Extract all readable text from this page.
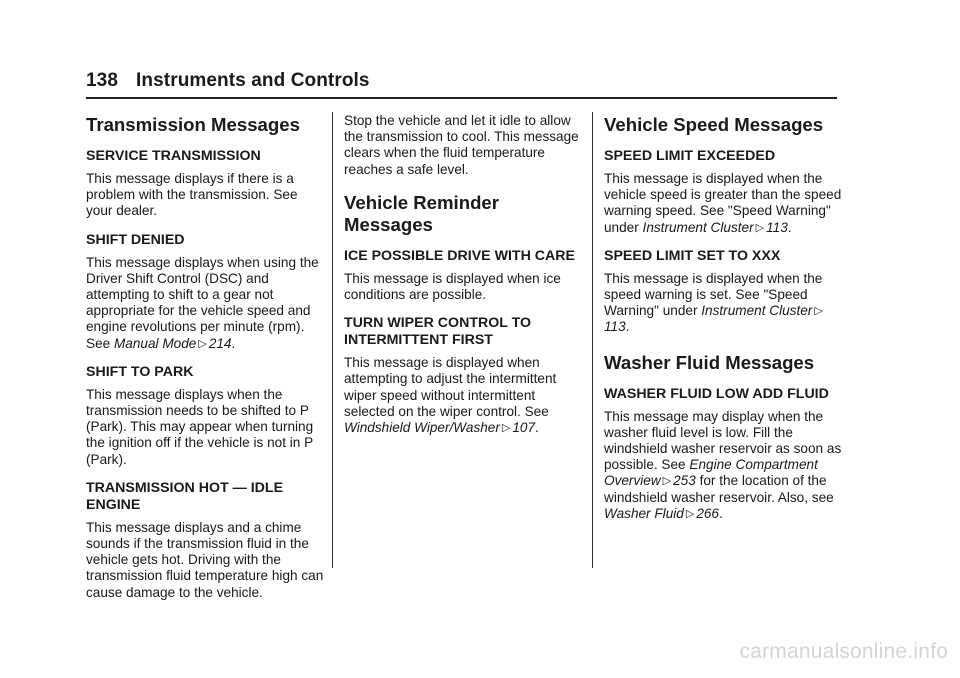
138 Instruments and Controls
Transmission Messages
SERVICE TRANSMISSION

This message displays if there is a problem with the transmission. See your dealer.

SHIFT DENIED

This message displays when using the Driver Shift Control (DSC) and attempting to shift to a gear not appropriate for the vehicle speed and engine revolutions per minute (rpm). See Manual Mode ▷ 214.

SHIFT TO PARK

This message displays when the transmission needs to be shifted to P (Park). This may appear when turning the ignition off if the vehicle is not in P (Park).

TRANSMISSION HOT — IDLE ENGINE

This message displays and a chime sounds if the transmission fluid in the vehicle gets hot. Driving with the transmission fluid temperature high can cause damage to the vehicle.

Stop the vehicle and let it idle to allow the transmission to cool. This message clears when the fluid temperature reaches a safe level.

Vehicle Reminder Messages
ICE POSSIBLE DRIVE WITH CARE

This message is displayed when ice conditions are possible.

TURN WIPER CONTROL TO INTERMITTENT FIRST

This message is displayed when attempting to adjust the intermittent wiper speed without intermittent selected on the wiper control. See Windshield Wiper/Washer ▷ 107.

Vehicle Speed Messages
SPEED LIMIT EXCEEDED

This message is displayed when the vehicle speed is greater than the speed warning speed. See "Speed Warning" under Instrument Cluster ▷ 113.

SPEED LIMIT SET TO XXX

This message is displayed when the speed warning is set. See "Speed Warning" under Instrument Cluster ▷113.

Washer Fluid Messages
WASHER FLUID LOW ADD FLUID

This message may display when the washer fluid level is low. Fill the windshield washer reservoir as soon as possible. See Engine Compartment Overview ▷ 253 for the location of the windshield washer reservoir. Also, see Washer Fluid ▷ 266.

carmanualsonline.info
